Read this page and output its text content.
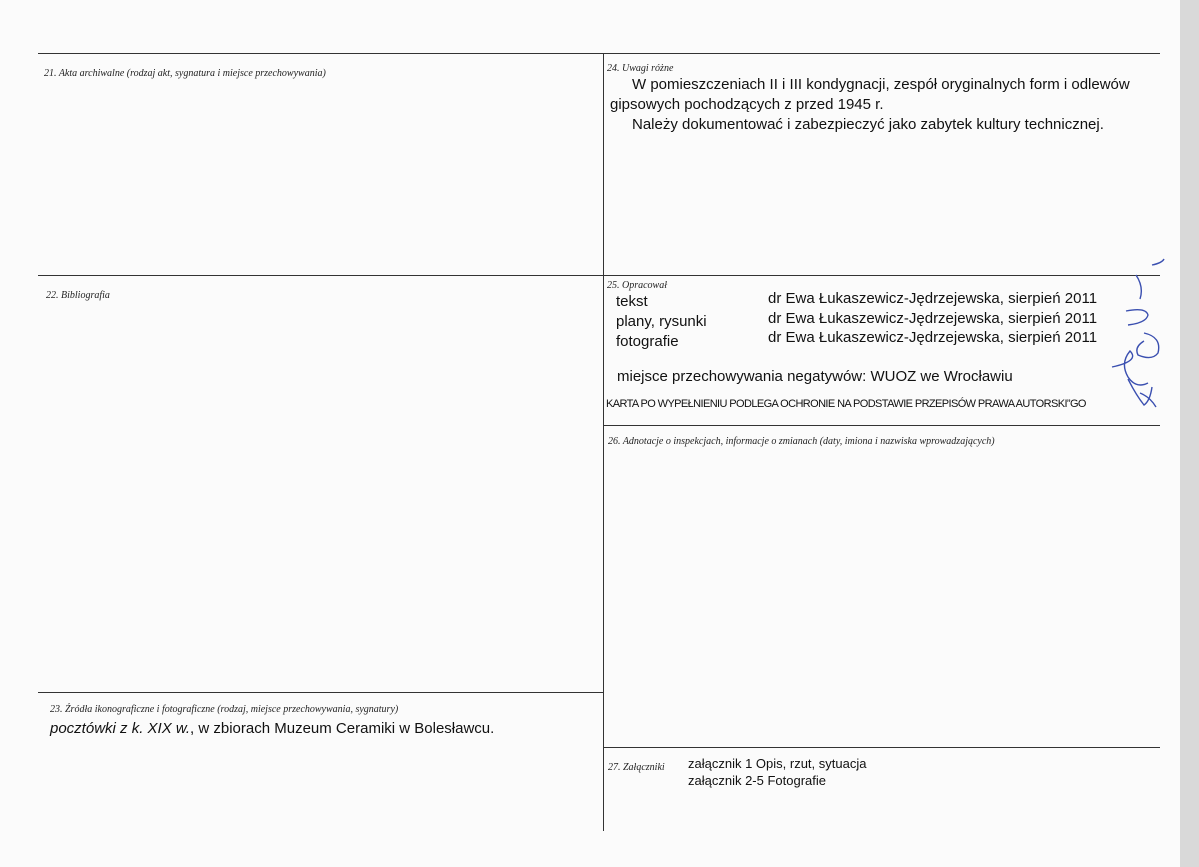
21. Akta archiwalne (rodzaj akt, sygnatura i miejsce przechowywania)
22. Bibliografia
23. Źródła ikonograficzne i fotograficzne (rodzaj, miejsce przechowywania, sygnatury)
pocztówki z k. XIX w., w zbiorach Muzeum Ceramiki w Bolesławcu.
24. Uwagi różne
W pomieszczeniach II i III kondygnacji, zespół oryginalnych form i odlewów
gipsowych pochodzących z przed 1945 r.
Należy dokumentować i zabezpieczyć jako zabytek kultury technicznej.
25. Opracował
tekst	dr Ewa Łukaszewicz-Jędrzejewska, sierpień 2011
plany, rysunki	dr Ewa Łukaszewicz-Jędrzejewska, sierpień 2011
fotografie	dr Ewa Łukaszewicz-Jędrzejewska, sierpień 2011
miejsce przechowywania negatywów: WUOZ we Wrocławiu
KARTA PO WYPEŁNIENIU PODLEGA OCHRONIE NA PODSTAWIE PRZEPISÓW PRAWA AUTORSKI”GO
26. Adnotacje o inspekcjach, informacje o zmianach (daty, imiona i nazwiska wprowadzających)
27. Załączniki załącznik 1 Opis, rzut, sytuacja
załącznik 2-5 Fotografie
